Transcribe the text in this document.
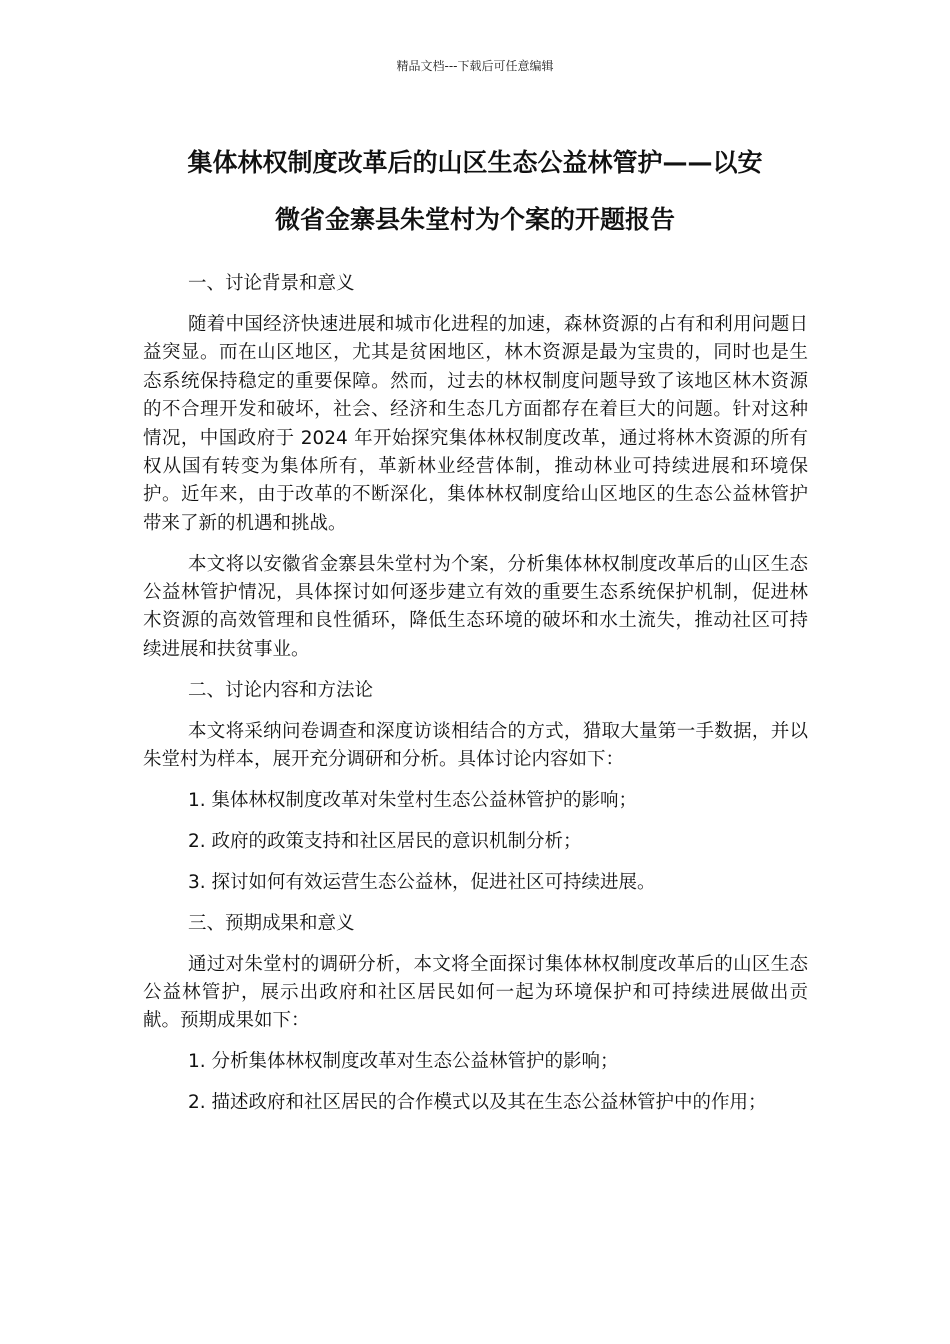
精品文档---下载后可任意编辑
集体林权制度改革后的山区生态公益林管护——以安
微省金寨县朱堂村为个案的开题报告

一、讨论背景和意义

随着中国经济快速进展和城市化进程的加速，森林资源的占有和利用问题日益突显。而在山区地区，尤其是贫困地区，林木资源是最为宝贵的，同时也是生态系统保持稳定的重要保障。然而，过去的林权制度问题导致了该地区林木资源的不合理开发和破坏，社会、经济和生态几方面都存在着巨大的问题。针对这种情况，中国政府于 2024 年开始探究集体林权制度改革，通过将林木资源的所有权从国有转变为集体所有，革新林业经营体制，推动林业可持续进展和环境保护。近年来，由于改革的不断深化，集体林权制度给山区地区的生态公益林管护带来了新的机遇和挑战。

本文将以安徽省金寨县朱堂村为个案，分析集体林权制度改革后的山区生态公益林管护情况，具体探讨如何逐步建立有效的重要生态系统保护机制，促进林木资源的高效管理和良性循环，降低生态环境的破坏和水土流失，推动社区可持续进展和扶贫事业。

二、讨论内容和方法论

本文将采纳问卷调查和深度访谈相结合的方式，猎取大量第一手数据，并以朱堂村为样本，展开充分调研和分析。具体讨论内容如下：

1. 集体林权制度改革对朱堂村生态公益林管护的影响；

2. 政府的政策支持和社区居民的意识机制分析；

3. 探讨如何有效运营生态公益林，促进社区可持续进展。

三、预期成果和意义

通过对朱堂村的调研分析，本文将全面探讨集体林权制度改革后的山区生态公益林管护，展示出政府和社区居民如何一起为环境保护和可持续进展做出贡献。预期成果如下：

1. 分析集体林权制度改革对生态公益林管护的影响；

2. 描述政府和社区居民的合作模式以及其在生态公益林管护中的作用；
